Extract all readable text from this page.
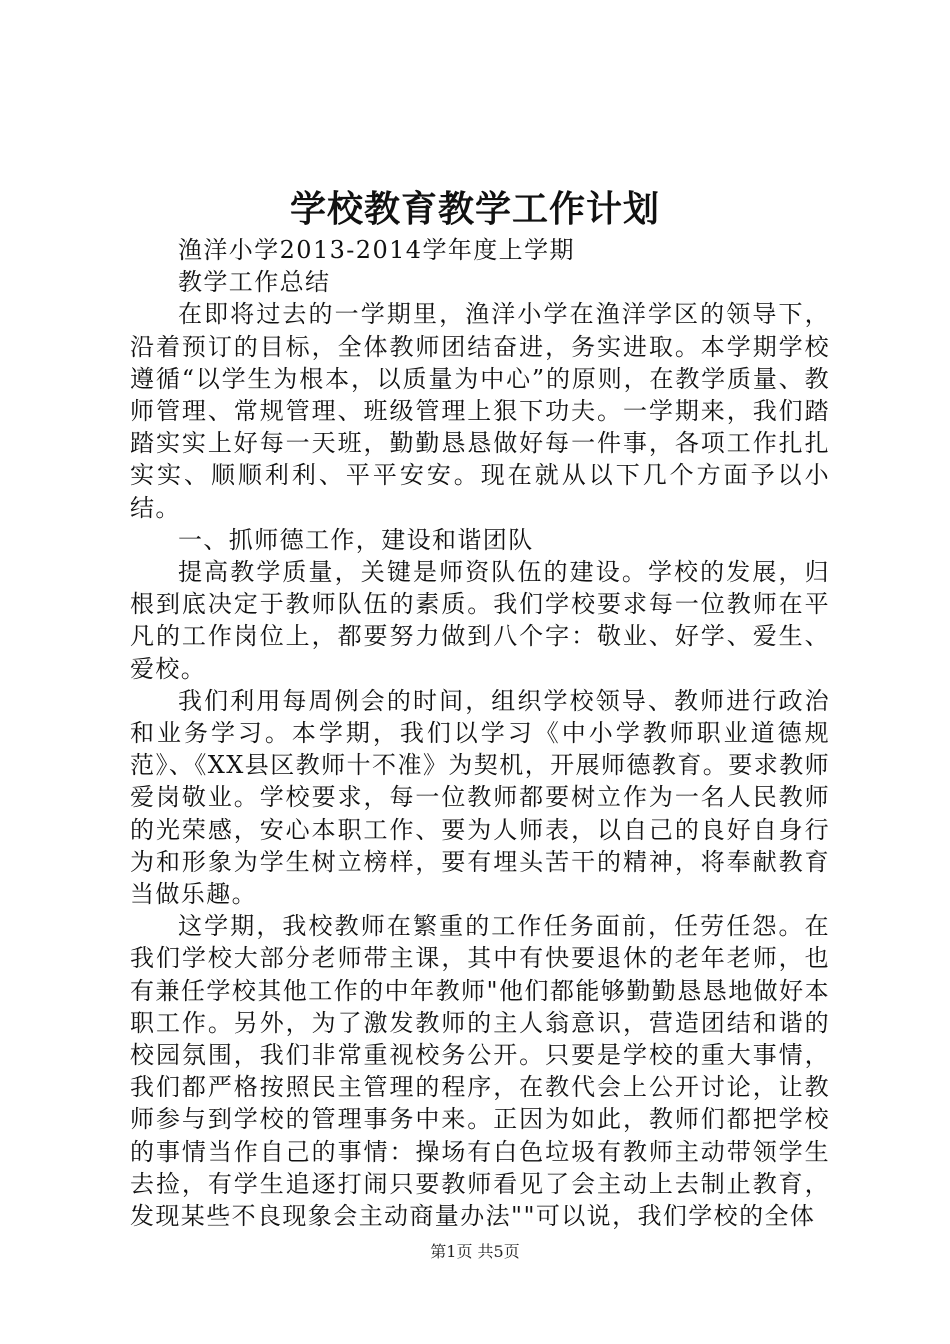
学校教育教学工作计划

渔洋小学2013-2014学年度上学期

教学工作总结

在即将过去的一学期里，渔洋小学在渔洋学区的领导下，沿着预订的目标，全体教师团结奋进，务实进取。本学期学校遵循“以学生为根本，以质量为中心”的原则，在教学质量、教师管理、常规管理、班级管理上狠下功夫。一学期来，我们踏踏实实上好每一天班，勤勤恳恳做好每一件事，各项工作扎扎实实、顺顺利利、平平安安。现在就从以下几个方面予以小结。

一、抓师德工作，建设和谐团队

提高教学质量，关键是师资队伍的建设。学校的发展，归根到底决定于教师队伍的素质。我们学校要求每一位教师在平凡的工作岗位上，都要努力做到八个字：敬业、好学、爱生、爱校。

我们利用每周例会的时间，组织学校领导、教师进行政治和业务学习。本学期，我们以学习《中小学教师职业道德规范》、《XX县区教师十不准》为契机，开展师德教育。要求教师爱岗敬业。学校要求，每一位教师都要树立作为一名人民教师的光荣感，安心本职工作、要为人师表，以自己的良好自身行为和形象为学生树立榜样，要有埋头苦干的精神，将奉献教育当做乐趣。

这学期，我校教师在繁重的工作任务面前，任劳任怨。在我们学校大部分老师带主课，其中有快要退休的老年老师，也有兼任学校其他工作的中年教师"他们都能够勤勤恳恳地做好本职工作。另外，为了激发教师的主人翁意识，营造团结和谐的校园氛围，我们非常重视校务公开。只要是学校的重大事情，我们都严格按照民主管理的程序，在教代会上公开讨论，让教师参与到学校的管理事务中来。正因为如此，教师们都把学校的事情当作自己的事情：操场有白色垃圾有教师主动带领学生去捡，有学生追逐打闹只要教师看见了会主动上去制止教育，发现某些不良现象会主动商量办法""可以说，我们学校的全体

第1页 共5页
